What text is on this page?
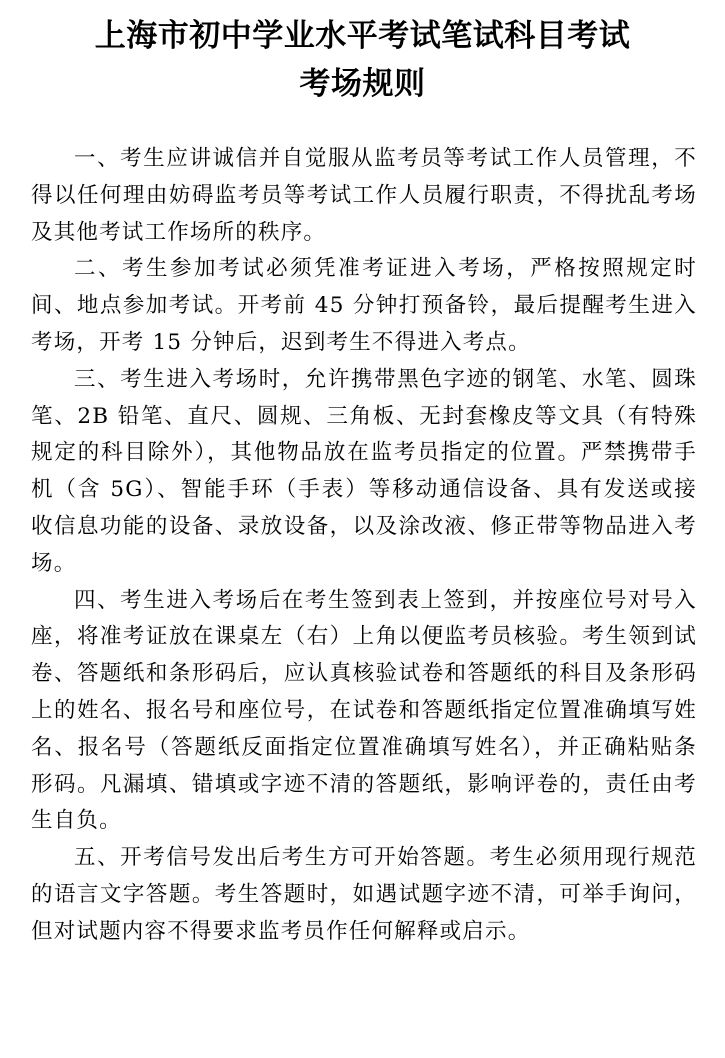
上海市初中学业水平考试笔试科目考试
考场规则

一、考生应讲诚信并自觉服从监考员等考试工作人员管理，不得以任何理由妨碍监考员等考试工作人员履行职责，不得扰乱考场及其他考试工作场所的秩序。

二、考生参加考试必须凭准考证进入考场，严格按照规定时间、地点参加考试。开考前 45 分钟打预备铃，最后提醒考生进入考场，开考 15 分钟后，迟到考生不得进入考点。

三、考生进入考场时，允许携带黑色字迹的钢笔、水笔、圆珠笔、2B 铅笔、直尺、圆规、三角板、无封套橡皮等文具（有特殊规定的科目除外），其他物品放在监考员指定的位置。严禁携带手机（含 5G）、智能手环（手表）等移动通信设备、具有发送或接收信息功能的设备、录放设备，以及涂改液、修正带等物品进入考场。

四、考生进入考场后在考生签到表上签到，并按座位号对号入座，将准考证放在课桌左（右）上角以便监考员核验。考生领到试卷、答题纸和条形码后，应认真核验试卷和答题纸的科目及条形码上的姓名、报名号和座位号，在试卷和答题纸指定位置准确填写姓名、报名号（答题纸反面指定位置准确填写姓名），并正确粘贴条形码。凡漏填、错填或字迹不清的答题纸，影响评卷的，责任由考生自负。

五、开考信号发出后考生方可开始答题。考生必须用现行规范的语言文字答题。考生答题时，如遇试题字迹不清，可举手询问，但对试题内容不得要求监考员作任何解释或启示。
